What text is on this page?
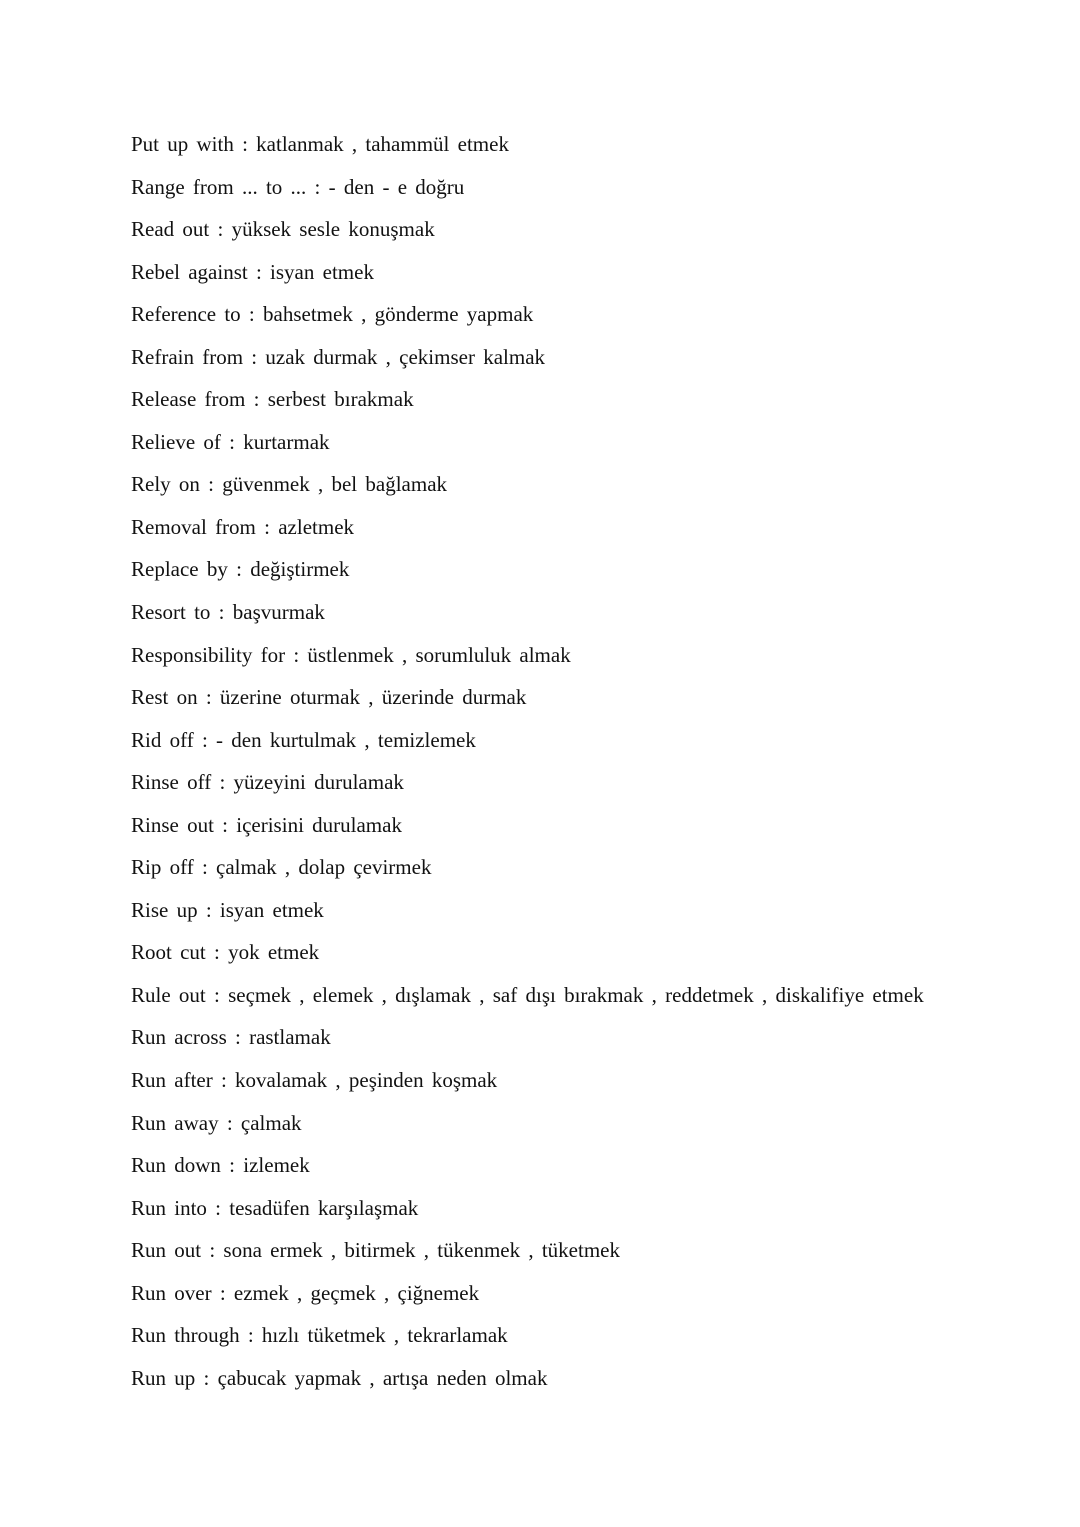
Put up with : katlanmak , tahammül etmek
Range from ... to ... : - den - e doğru
Read out : yüksek sesle konuşmak
Rebel against : isyan etmek
Reference to : bahsetmek , gönderme yapmak
Refrain from : uzak durmak , çekimser kalmak
Release from : serbest bırakmak
Relieve of : kurtarmak
Rely on : güvenmek , bel bağlamak
Removal from : azletmek
Replace by : değiştirmek
Resort to : başvurmak
Responsibility for : üstlenmek , sorumluluk almak
Rest on : üzerine oturmak , üzerinde durmak
Rid off : - den kurtulmak , temizlemek
Rinse off : yüzeyini durulamak
Rinse out : içerisini durulamak
Rip off : çalmak , dolap çevirmek
Rise up : isyan etmek
Root cut : yok etmek
Rule out : seçmek , elemek , dışlamak , saf dışı bırakmak , reddetmek , diskalifiye etmek
Run across : rastlamak
Run after : kovalamak , peşinden koşmak
Run away : çalmak
Run down : izlemek
Run into : tesadüfen karşılaşmak
Run out : sona ermek , bitirmek , tükenmek , tüketmek
Run over : ezmek , geçmek , çiğnemek
Run through : hızlı tüketmek , tekrarlamak
Run up : çabucak yapmak , artışa neden olmak
